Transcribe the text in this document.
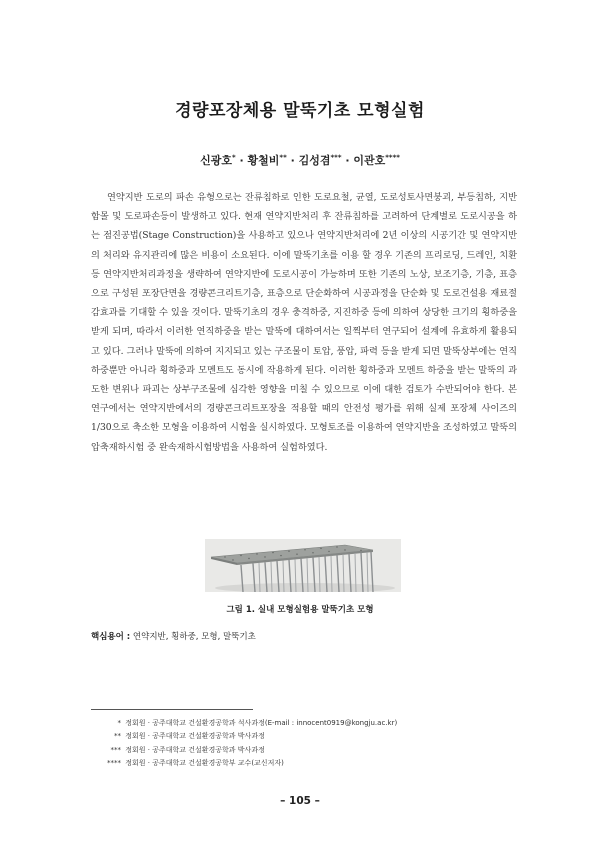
경량포장체용 말뚝기초 모형실험
신광호* · 황철비** · 김성겸*** · 이관호****

연약지반 도로의 파손 유형으로는 잔류침하로 인한 도로요철, 균열, 도로성토사면붕괴, 부등침하, 지반함몰 및 도로파손등이 발생하고 있다. 현재 연약지반처리 후 잔류침하를 고려하여 단계별로 도로시공을 하는 점진공법(Stage Construction)을 사용하고 있으나 연약지반처리에 2년 이상의 시공기간 및 연약지반의 처리와 유지관리에 많은 비용이 소요된다. 이에 말뚝기초를 이용 할 경우 기존의 프리로딩, 드레인, 치환 등 연약지반처리과정을 생략하여 연약지반에 도로시공이 가능하며 또한 기존의 노상, 보조기층, 기층, 표층으로 구성된 포장단면을 경량콘크리트기층, 표층으로 단순화하여 시공과정을 단순화 및 도로건설용 재료절감효과를 기대할 수 있을 것이다. 말뚝기초의 경우 충격하중, 지진하중 등에 의하여 상당한 크기의 횡하중을 받게 되며, 따라서 이러한 연직하중을 받는 말뚝에 대하여서는 일찍부터 연구되어 설계에 유효하게 활용되고 있다. 그러나 말뚝에 의하여 지지되고 있는 구조물이 토압, 풍압, 파력 등을 받게 되면 말뚝상부에는 연직하중뿐만 아니라 횡하중과 모멘트도 동시에 작용하게 된다. 이러한 횡하중과 모멘트 하중을 받는 말뚝의 과도한 변위나 파괴는 상부구조물에 심각한 영향을 미칠 수 있으므로 이에 대한 검토가 수반되어야 한다. 본 연구에서는 연약지반에서의 경량콘크리트포장을 적용할 때의 안전성 평가를 위해 실제 포장체 사이즈의 1/30으로 축소한 모형을 이용하여 시험을 실시하였다. 모형토조를 이용하여 연약지반을 조성하였고 말뚝의 압축재하시험 중 완속재하시험방법을 사용하여 실험하였다.

그림 1. 실내 모형실험용 말뚝기초 모형
핵심용어 : 연약지반, 횡하중, 모형, 말뚝기초
* 정회원 · 공주대학교 건설환경공학과 석사과정(E-mail : innocent0919@kongju.ac.kr)
** 정회원 · 공주대학교 건설환경공학과 박사과정
*** 정회원 · 공주대학교 건설환경공학과 박사과정
**** 정회원 · 공주대학교 건설환경공학부 교수(교신저자)
– 105 –
